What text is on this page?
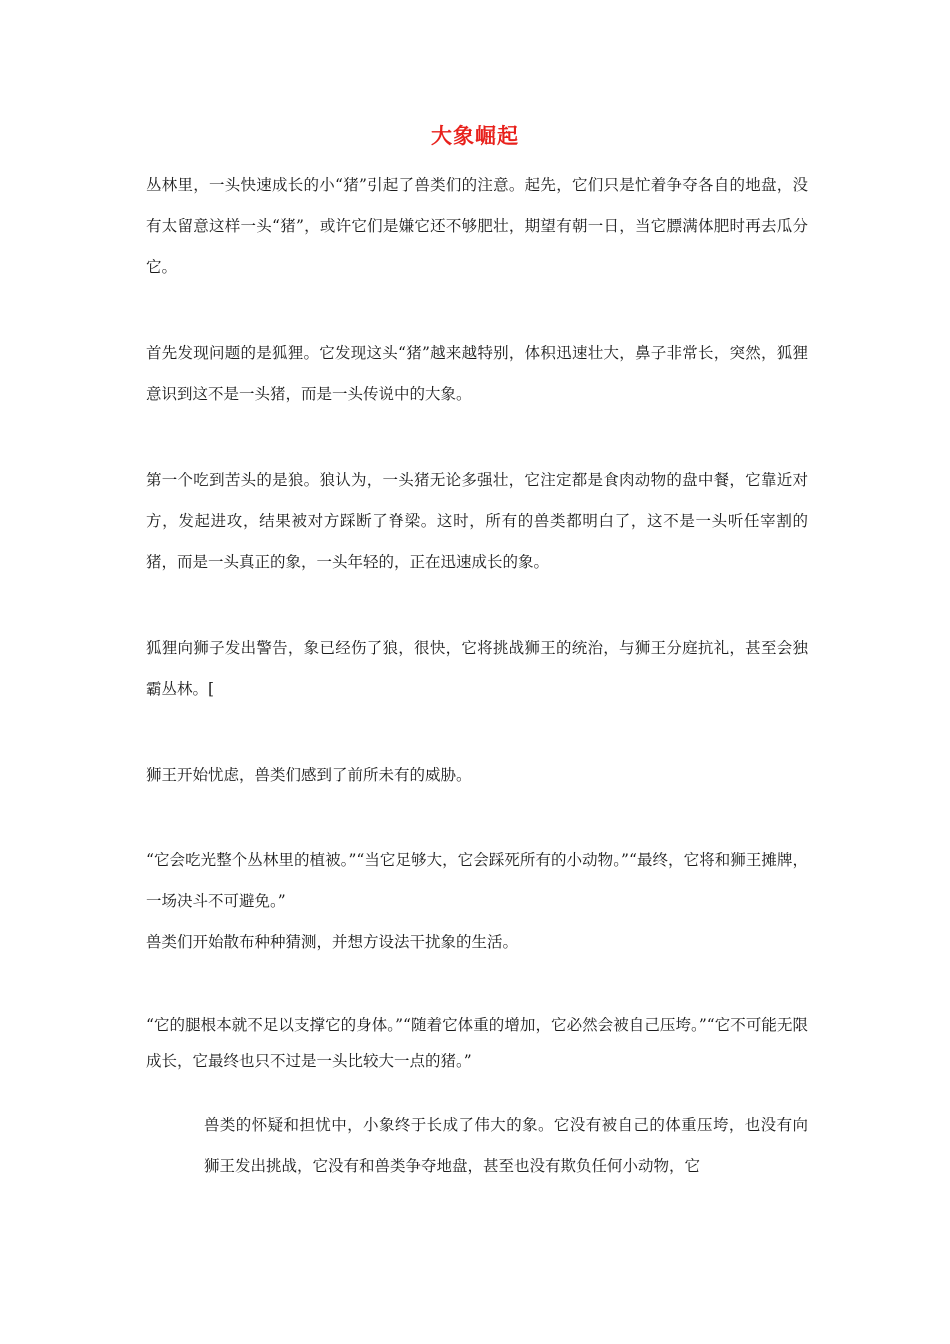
大象崛起

丛林里，一头快速成长的小“猪”引起了兽类们的注意。起先，它们只是忙着争夺各自的地盘，没有太留意这样一头“猪”，或许它们是嫌它还不够肥壮，期望有朝一日，当它膘满体肥时再去瓜分它。

首先发现问题的是狐狸。它发现这头“猪”越来越特别，体积迅速壮大，鼻子非常长，突然，狐狸意识到这不是一头猪，而是一头传说中的大象。

第一个吃到苦头的是狼。狼认为，一头猪无论多强壮，它注定都是食肉动物的盘中餐，它靠近对方，发起进攻，结果被对方踩断了脊梁。这时，所有的兽类都明白了，这不是一头听任宰割的猪，而是一头真正的象，一头年轻的，正在迅速成长的象。

狐狸向狮子发出警告，象已经伤了狼，很快，它将挑战狮王的统治，与狮王分庭抗礼，甚至会独霸丛林。[

狮王开始忧虑，兽类们感到了前所未有的威胁。

“它会吃光整个丛林里的植被。”“当它足够大，它会踩死所有的小动物。”“最终，它将和狮王摊牌，一场决斗不可避免。”

兽类们开始散布种种猜测，并想方设法干扰象的生活。

“它的腿根本就不足以支撑它的身体。”“随着它体重的增加，它必然会被自己压垮。”“它不可能无限成长，它最终也只不过是一头比较大一点的猪。”

兽类的怀疑和担忧中，小象终于长成了伟大的象。它没有被自己的体重压垮，也没有向狮王发出挑战，它没有和兽类争夺地盘，甚至也没有欺负任何小动物，它
